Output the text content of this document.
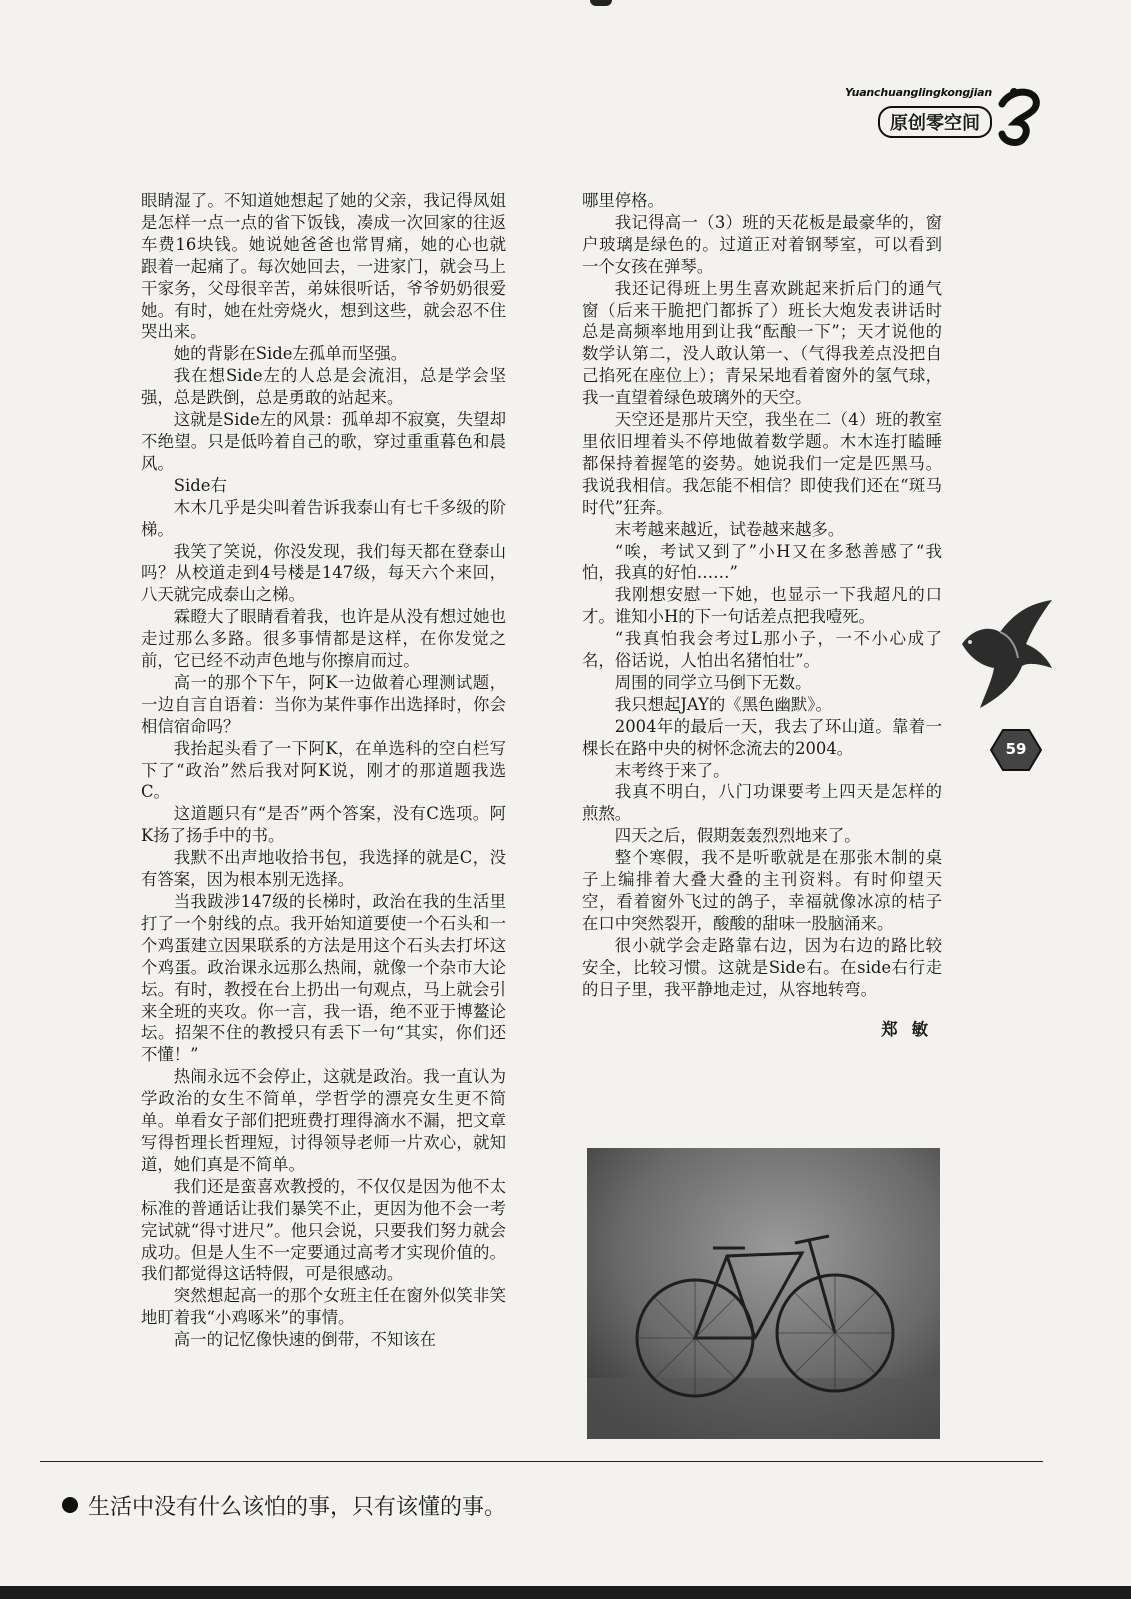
Yuanchuanglingkongjian
原创零空间

眼睛湿了。不知道她想起了她的父亲，我记得凤姐是怎样一点一点的省下饭钱，凑成一次回家的往返车费16块钱。她说她爸爸也常胃痛，她的心也就跟着一起痛了。每次她回去，一进家门，就会马上干家务，父母很辛苦，弟妹很听话，爷爷奶奶很爱她。有时，她在灶旁烧火，想到这些，就会忍不住哭出来。

她的背影在Side左孤单而坚强。

我在想Side左的人总是会流泪，总是学会坚强，总是跌倒，总是勇敢的站起来。

这就是Side左的风景：孤单却不寂寞，失望却不绝望。只是低吟着自己的歌，穿过重重暮色和晨风。

Side右

木木几乎是尖叫着告诉我泰山有七千多级的阶梯。

我笑了笑说，你没发现，我们每天都在登泰山吗？从校道走到4号楼是147级，每天六个来回，八天就完成泰山之梯。

霖瞪大了眼睛看着我，也许是从没有想过她也走过那么多路。很多事情都是这样，在你发觉之前，它已经不动声色地与你擦肩而过。

高一的那个下午，阿K一边做着心理测试题，一边自言自语着：当你为某件事作出选择时，你会相信宿命吗？

我抬起头看了一下阿K，在单选科的空白栏写下了“政治”然后我对阿K说，刚才的那道题我选C。

这道题只有“是否”两个答案，没有C选项。阿K扬了扬手中的书。

我默不出声地收拾书包，我选择的就是C，没有答案，因为根本别无选择。

当我跋涉147级的长梯时，政治在我的生活里打了一个射线的点。我开始知道要使一个石头和一个鸡蛋建立因果联系的方法是用这个石头去打坏这个鸡蛋。政治课永远那么热闹，就像一个杂市大论坛。有时，教授在台上扔出一句观点，马上就会引来全班的夹攻。你一言，我一语，绝不亚于博鳌论坛。招架不住的教授只有丢下一句“其实，你们还不懂！”

热闹永远不会停止，这就是政治。我一直认为学政治的女生不简单，学哲学的漂亮女生更不简单。单看女子部们把班费打理得滴水不漏，把文章写得哲理长哲理短，讨得领导老师一片欢心，就知道，她们真是不简单。

我们还是蛮喜欢教授的，不仅仅是因为他不太标准的普通话让我们暴笑不止，更因为他不会一考完试就“得寸进尺”。他只会说，只要我们努力就会成功。但是人生不一定要通过高考才实现价值的。我们都觉得这话特假，可是很感动。

突然想起高一的那个女班主任在窗外似笑非笑地盯着我“小鸡啄米”的事情。

高一的记忆像快速的倒带，不知该在

哪里停格。

我记得高一（3）班的天花板是最豪华的，窗户玻璃是绿色的。过道正对着钢琴室，可以看到一个女孩在弹琴。

我还记得班上男生喜欢跳起来折后门的通气窗（后来干脆把门都拆了）班长大炮发表讲话时总是高频率地用到让我“酝酿一下”；天才说他的数学认第二，没人敢认第一、（气得我差点没把自己掐死在座位上）；青呆呆地看着窗外的氢气球，我一直望着绿色玻璃外的天空。

天空还是那片天空，我坐在二（4）班的教室里依旧埋着头不停地做着数学题。木木连打瞌睡都保持着握笔的姿势。她说我们一定是匹黑马。我说我相信。我怎能不相信？即使我们还在“斑马时代”狂奔。

末考越来越近，试卷越来越多。

“唉，考试又到了”小H又在多愁善感了“我怕，我真的好怕……”

我刚想安慰一下她，也显示一下我超凡的口才。谁知小H的下一句话差点把我噎死。

“我真怕我会考过L那小子，一不小心成了名，俗话说，人怕出名猪怕壮”。

周围的同学立马倒下无数。

我只想起JAY的《黑色幽默》。

2004年的最后一天，我去了环山道。靠着一棵长在路中央的树怀念流去的2004。

末考终于来了。

我真不明白，八门功课要考上四天是怎样的煎熬。

四天之后，假期轰轰烈烈地来了。

整个寒假，我不是听歌就是在那张木制的桌子上编排着大叠大叠的主刊资料。有时仰望天空，看着窗外飞过的鸽子，幸福就像冰凉的桔子在口中突然裂开，酸酸的甜味一股脑涌来。

很小就学会走路靠右边，因为右边的路比较安全，比较习惯。这就是Side右。在side右行走的日子里，我平静地走过，从容地转弯。

郑敏

59
生活中没有什么该怕的事，只有该懂的事。
